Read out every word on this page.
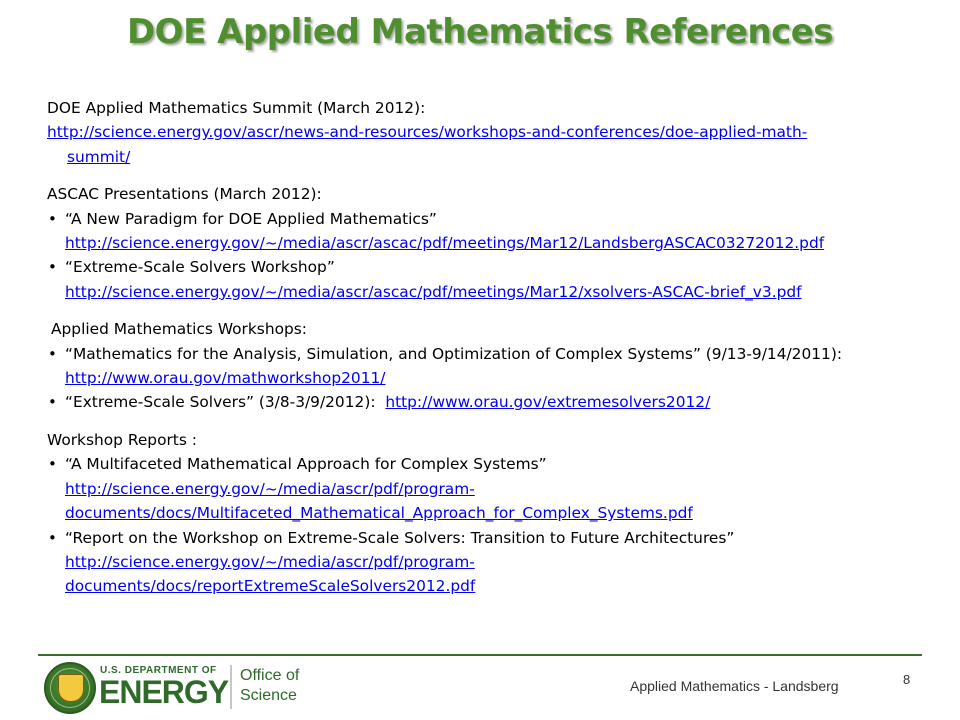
DOE Applied Mathematics References
DOE Applied Mathematics Summit (March 2012):
http://science.energy.gov/ascr/news-and-resources/workshops-and-conferences/doe-applied-math-
summit/
ASCAC Presentations (March 2012):
• “A New Paradigm for DOE Applied Mathematics”
http://science.energy.gov/~/media/ascr/ascac/pdf/meetings/Mar12/LandsbergASCAC03272012.pdf
• “Extreme-Scale Solvers Workshop”
http://science.energy.gov/~/media/ascr/ascac/pdf/meetings/Mar12/xsolvers-ASCAC-brief_v3.pdf
Applied Mathematics Workshops:
• “Mathematics for the Analysis, Simulation, and Optimization of Complex Systems” (9/13-9/14/2011):
http://www.orau.gov/mathworkshop2011/
• “Extreme-Scale Solvers” (3/8-3/9/2012): http://www.orau.gov/extremesolvers2012/
Workshop Reports :
• “A Multifaceted Mathematical Approach for Complex Systems”
http://science.energy.gov/~/media/ascr/pdf/program-
documents/docs/Multifaceted_Mathematical_Approach_for_Complex_Systems.pdf
• “Report on the Workshop on Extreme-Scale Solvers: Transition to Future Architectures”
http://science.energy.gov/~/media/ascr/pdf/program-
documents/docs/reportExtremeScaleSolvers2012.pdf
U.S. DEPARTMENT OF
ENERGY Office of
Science
Applied Mathematics - Landsberg	8
